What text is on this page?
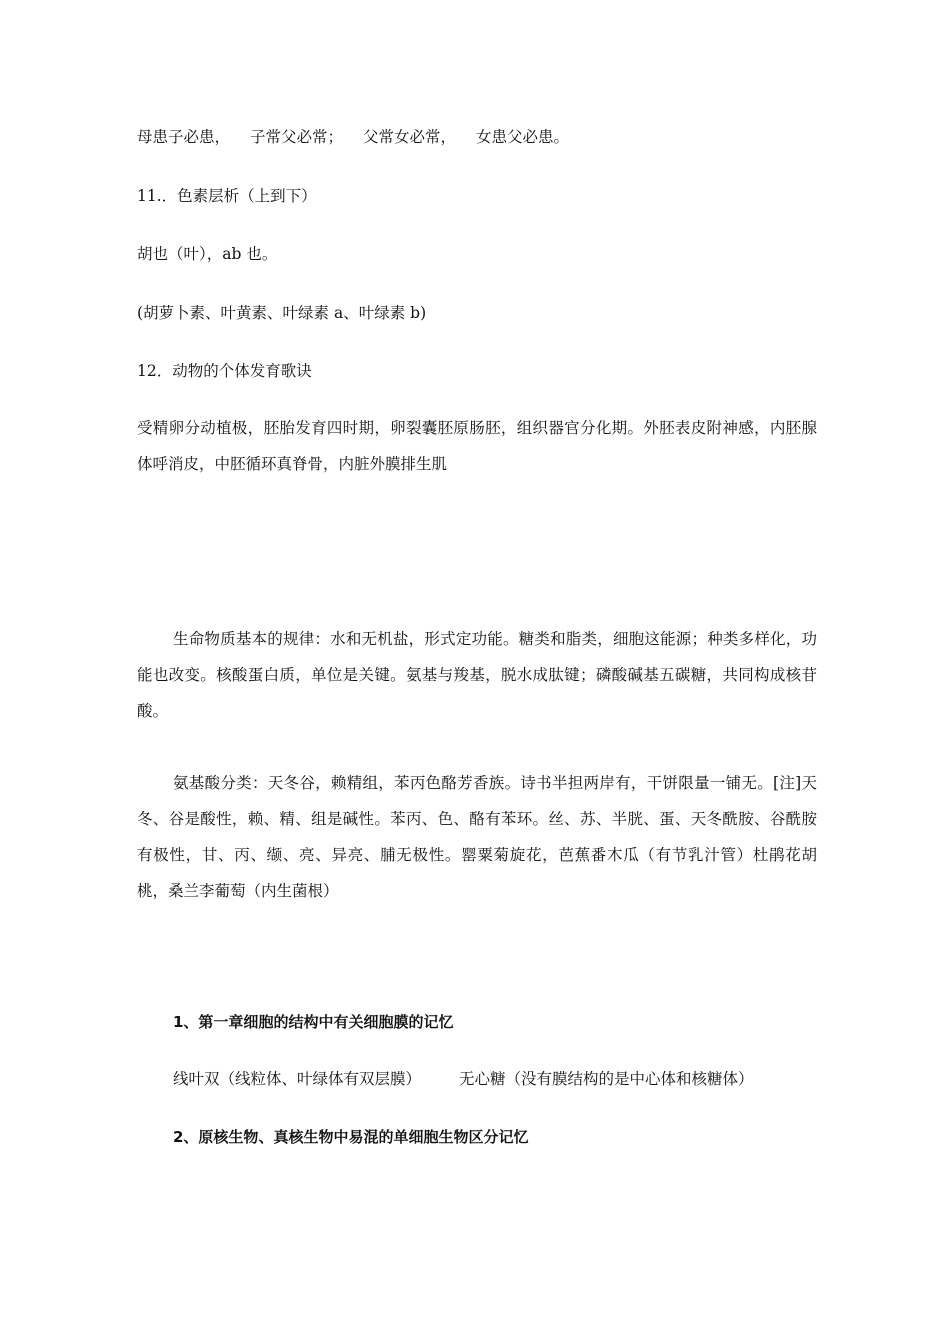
母患子必患， 子常父必常； 父常女必常， 女患父必患。
11.．色素层析（上到下）
胡也（叶），ab 也。
(胡萝卜素、叶黄素、叶绿素 a、叶绿素 b)
12．动物的个体发育歌诀
受精卵分动植极，胚胎发育四时期，卵裂囊胚原肠胚，组织器官分化期。外胚表皮附神感，内胚腺体呼消皮，中胚循环真脊骨，内脏外膜排生肌
生命物质基本的规律：水和无机盐，形式定功能。糖类和脂类，细胞这能源；种类多样化，功能也改变。核酸蛋白质，单位是关键。氨基与羧基，脱水成肽键；磷酸碱基五碳糖，共同构成核苷酸。
氨基酸分类：天冬谷，赖精组，苯丙色酪芳香族。诗书半担两岸有，干饼限量一铺无。[注]天冬、谷是酸性，赖、精、组是碱性。苯丙、色、酪有苯环。丝、苏、半胱、蛋、天冬酰胺、谷酰胺有极性，甘、丙、缬、亮、异亮、脯无极性。罂粟菊旋花，芭蕉番木瓜（有节乳汁管）杜鹃花胡桃，桑兰李葡萄（内生菌根）
1、第一章细胞的结构中有关细胞膜的记忆
线叶双（线粒体、叶绿体有双层膜） 无心糖（没有膜结构的是中心体和核糖体）
2、原核生物、真核生物中易混的单细胞生物区分记忆
